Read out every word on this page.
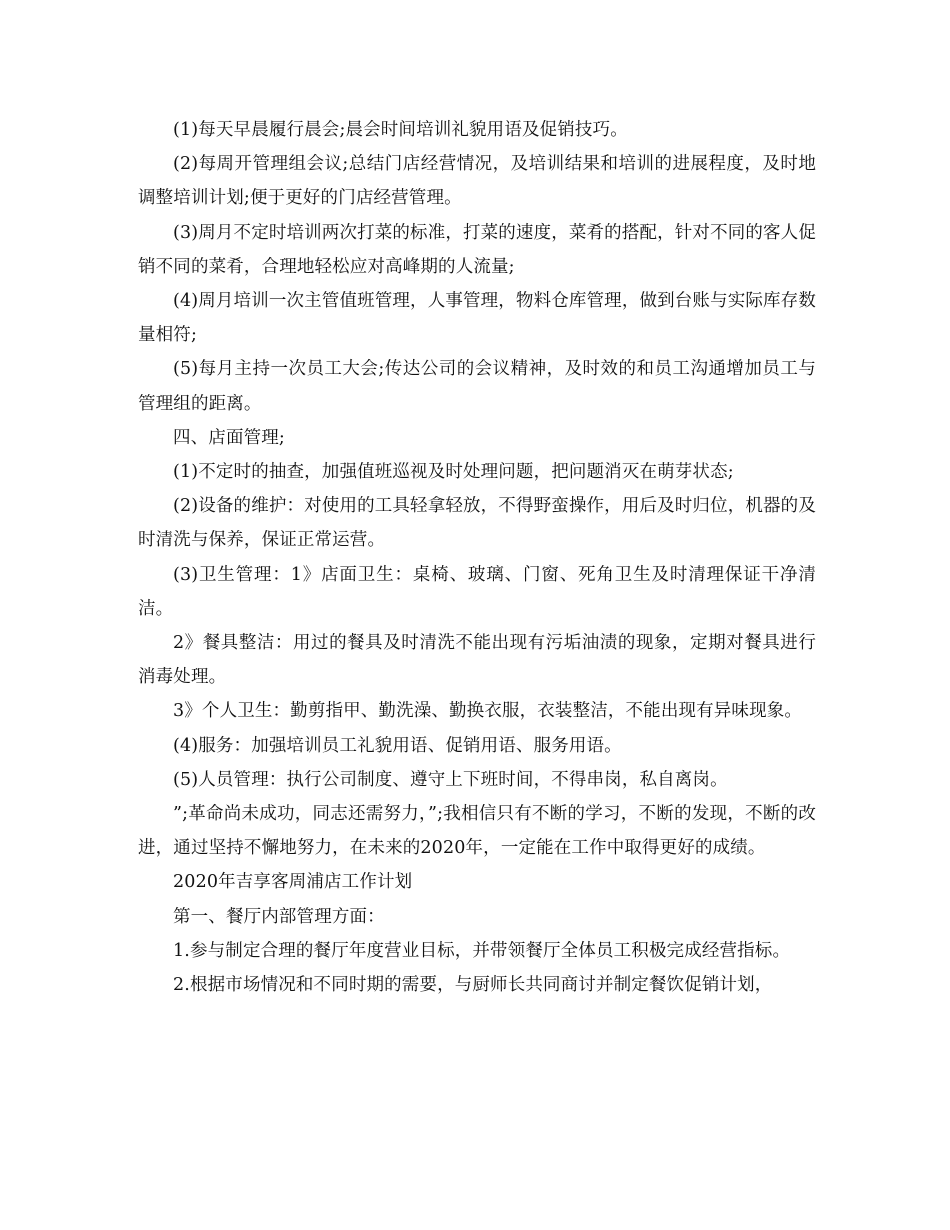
(1)每天早晨履行晨会;晨会时间培训礼貌用语及促销技巧。

(2)每周开管理组会议;总结门店经营情况，及培训结果和培训的进展程度，及时地调整培训计划;便于更好的门店经营管理。

(3)周月不定时培训两次打菜的标准，打菜的速度，菜肴的搭配，针对不同的客人促销不同的菜肴，合理地轻松应对高峰期的人流量;

(4)周月培训一次主管值班管理，人事管理，物料仓库管理，做到台账与实际库存数量相符;

(5)每月主持一次员工大会;传达公司的会议精神，及时效的和员工沟通增加员工与管理组的距离。

四、店面管理;

(1)不定时的抽查，加强值班巡视及时处理问题，把问题消灭在萌芽状态;

(2)设备的维护：对使用的工具轻拿轻放，不得野蛮操作，用后及时归位，机器的及时清洗与保养，保证正常运营。

(3)卫生管理：1》店面卫生：桌椅、玻璃、门窗、死角卫生及时清理保证干净清洁。

2》餐具整洁：用过的餐具及时清洗不能出现有污垢油渍的现象，定期对餐具进行消毒处理。

3》个人卫生：勤剪指甲、勤洗澡、勤换衣服，衣装整洁，不能出现有异味现象。

(4)服务：加强培训员工礼貌用语、促销用语、服务用语。

(5)人员管理：执行公司制度、遵守上下班时间，不得串岗，私自离岗。

”;革命尚未成功，同志还需努力，”;我相信只有不断的学习，不断的发现，不断的改进，通过坚持不懈地努力，在未来的2020年，一定能在工作中取得更好的成绩。

2020年吉享客周浦店工作计划

第一、餐厅内部管理方面：

1.参与制定合理的餐厅年度营业目标，并带领餐厅全体员工积极完成经营指标。

2.根据市场情况和不同时期的需要，与厨师长共同商讨并制定餐饮促销计划，
